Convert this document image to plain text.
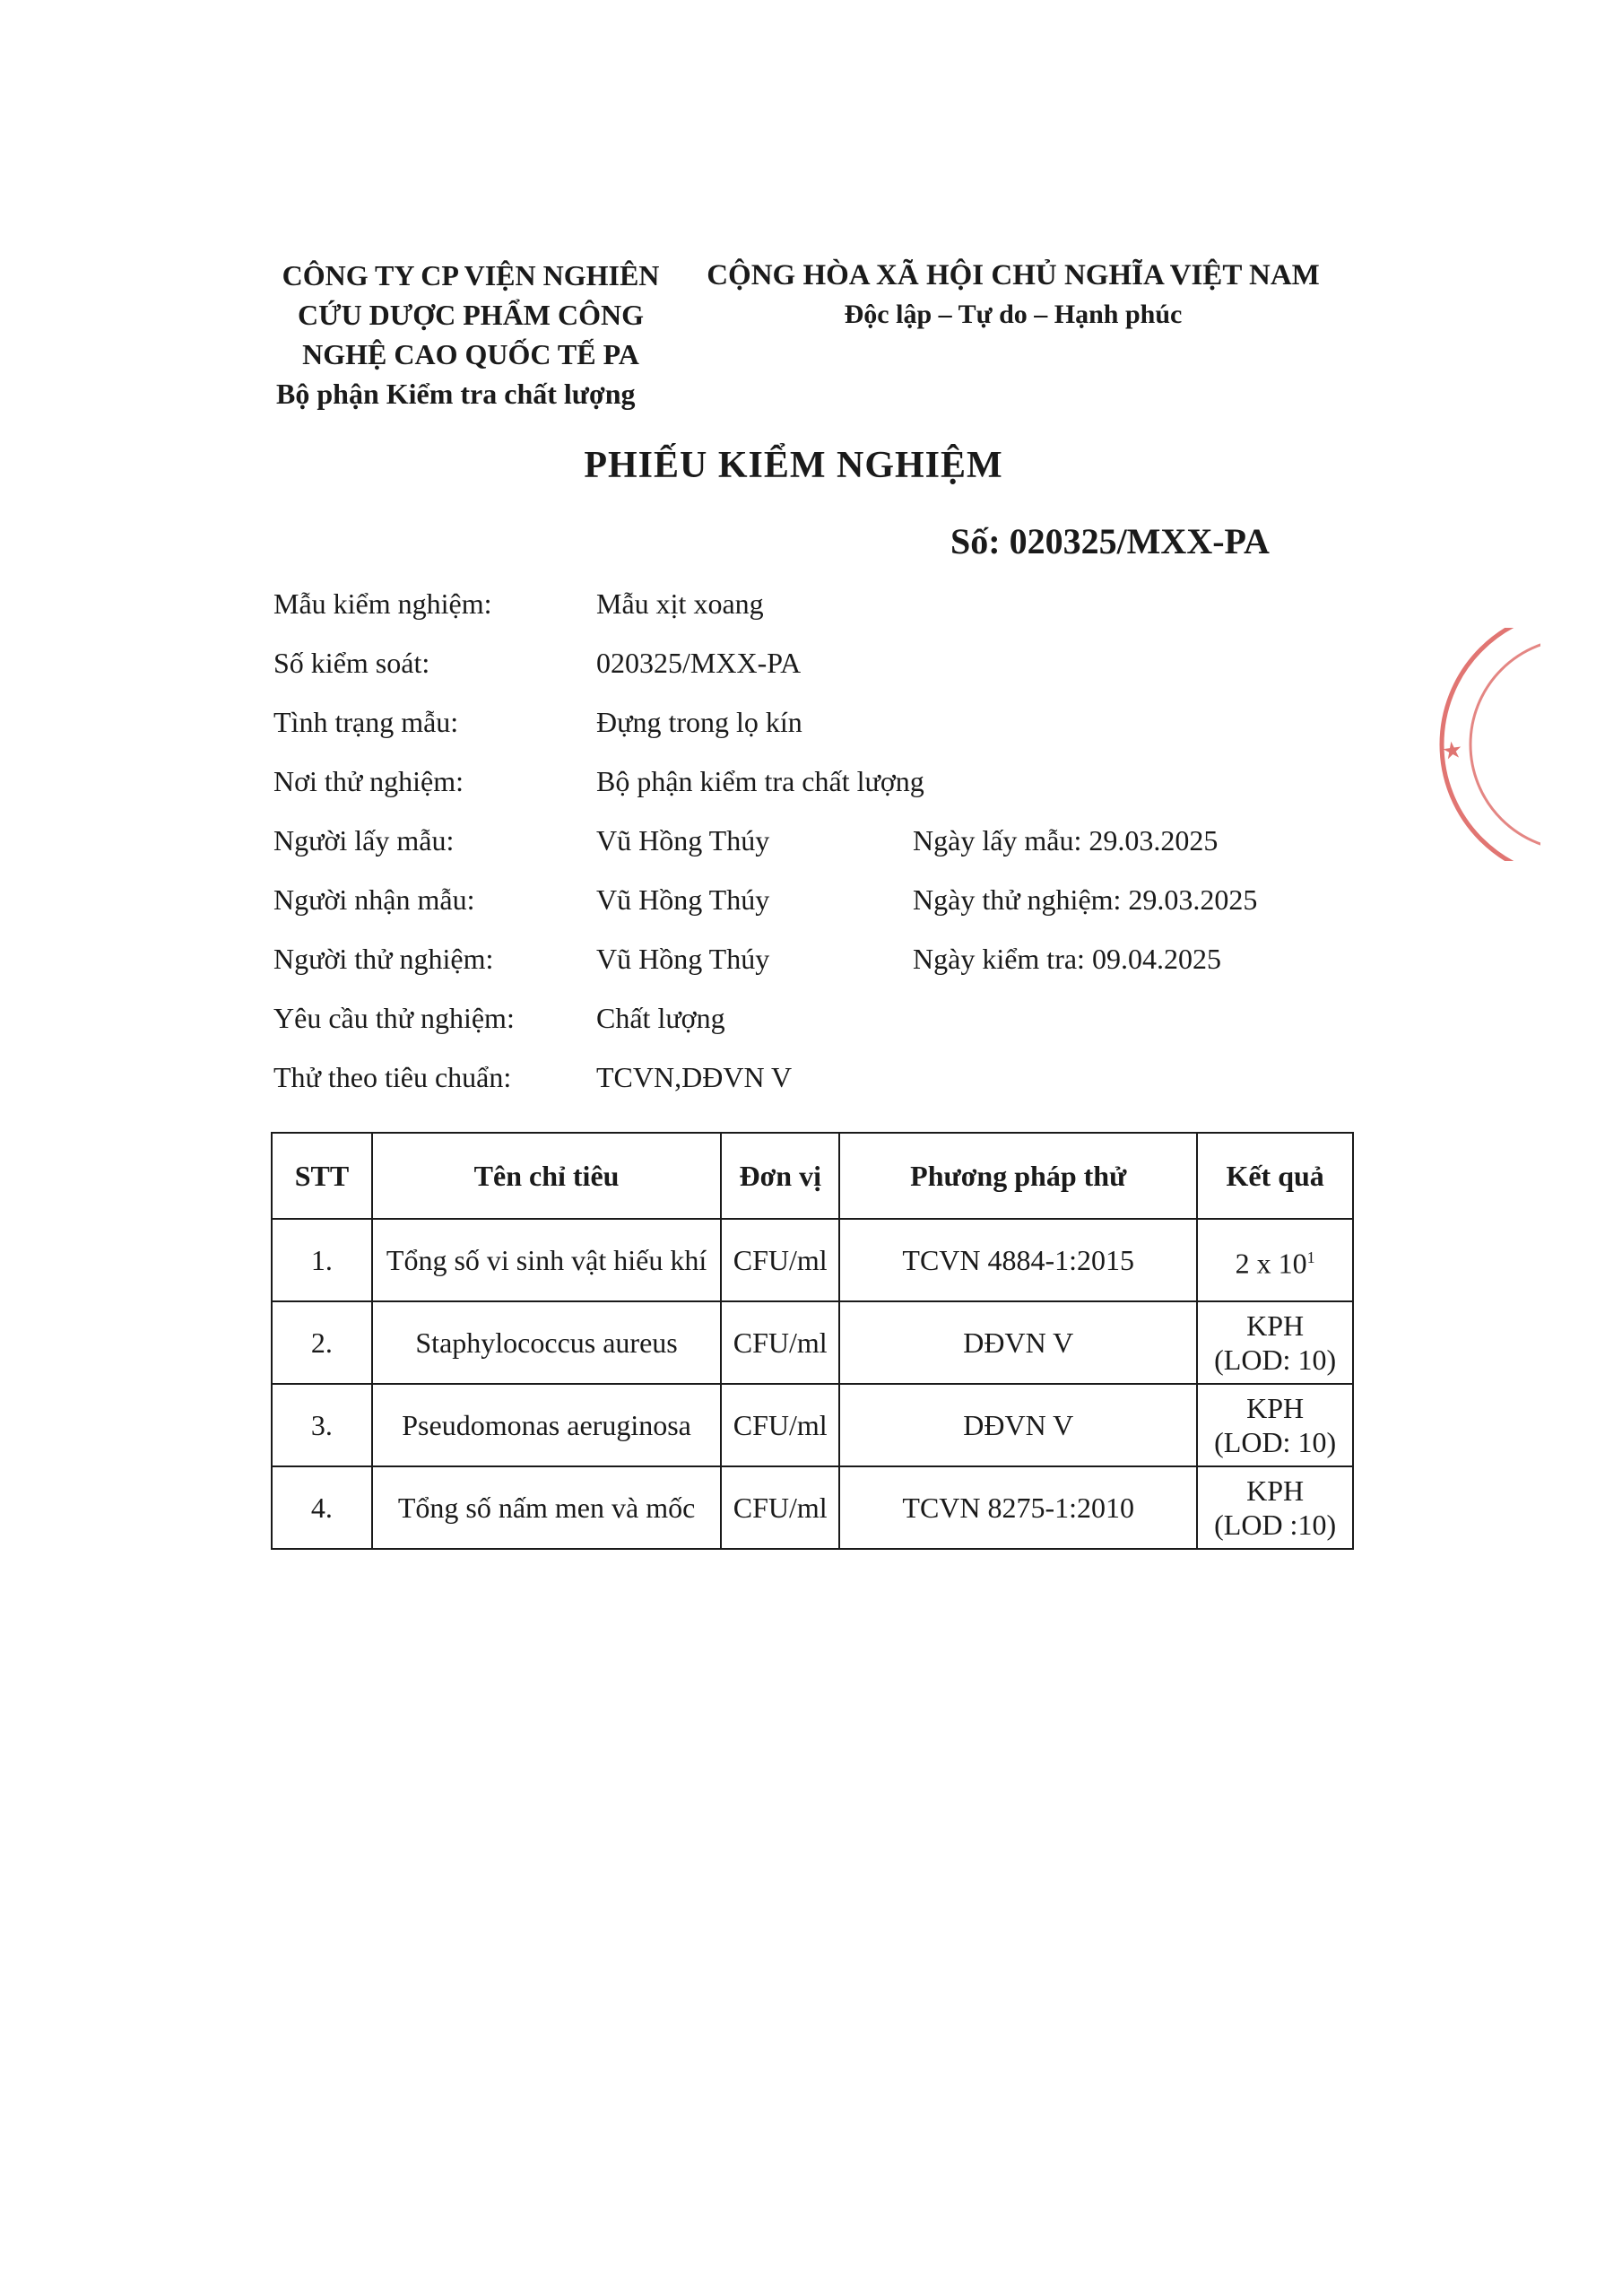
CÔNG TY CP VIỆN NGHIÊN
CỨU DƯỢC PHẨM CÔNG
NGHỆ CAO QUỐC TẾ PA

Bộ phận Kiểm tra chất lượng
CỘNG HÒA XÃ HỘI CHỦ NGHĨA VIỆT NAM
Độc lập – Tự do – Hạnh phúc
PHIẾU KIỂM NGHIỆM
Số: 020325/MXX-PA
Mẫu kiểm nghiệm:	Mẫu xịt xoang
Số kiểm soát:	020325/MXX-PA
Tình trạng mẫu:	Đựng trong lọ kín
Nơi thử nghiệm:	Bộ phận kiểm tra chất lượng
Người lấy mẫu:	Vũ Hồng Thúy	Ngày lấy mẫu: 29.03.2025
Người nhận mẫu:	Vũ Hồng Thúy	Ngày thử nghiệm: 29.03.2025
Người thử nghiệm:	Vũ Hồng Thúy	Ngày kiểm tra: 09.04.2025
Yêu cầu thử nghiệm:	Chất lượng
Thử theo tiêu chuẩn:	TCVN,DĐVN V
STT	Tên chỉ tiêu	Đơn vị	Phương pháp thử	Kết quả
1.	Tổng số vi sinh vật hiếu khí	CFU/ml	TCVN 4884-1:2015	2 x $10^1$
2.	Staphylococcus aureus	CFU/ml	DĐVN V	KPH
(LOD: 10)
3.	Pseudomonas aeruginosa	CFU/ml	DĐVN V	KPH
(LOD: 10)
4.	Tổng số nấm men và mốc	CFU/ml	TCVN 8275-1:2010	KPH
(LOD :10)
★
